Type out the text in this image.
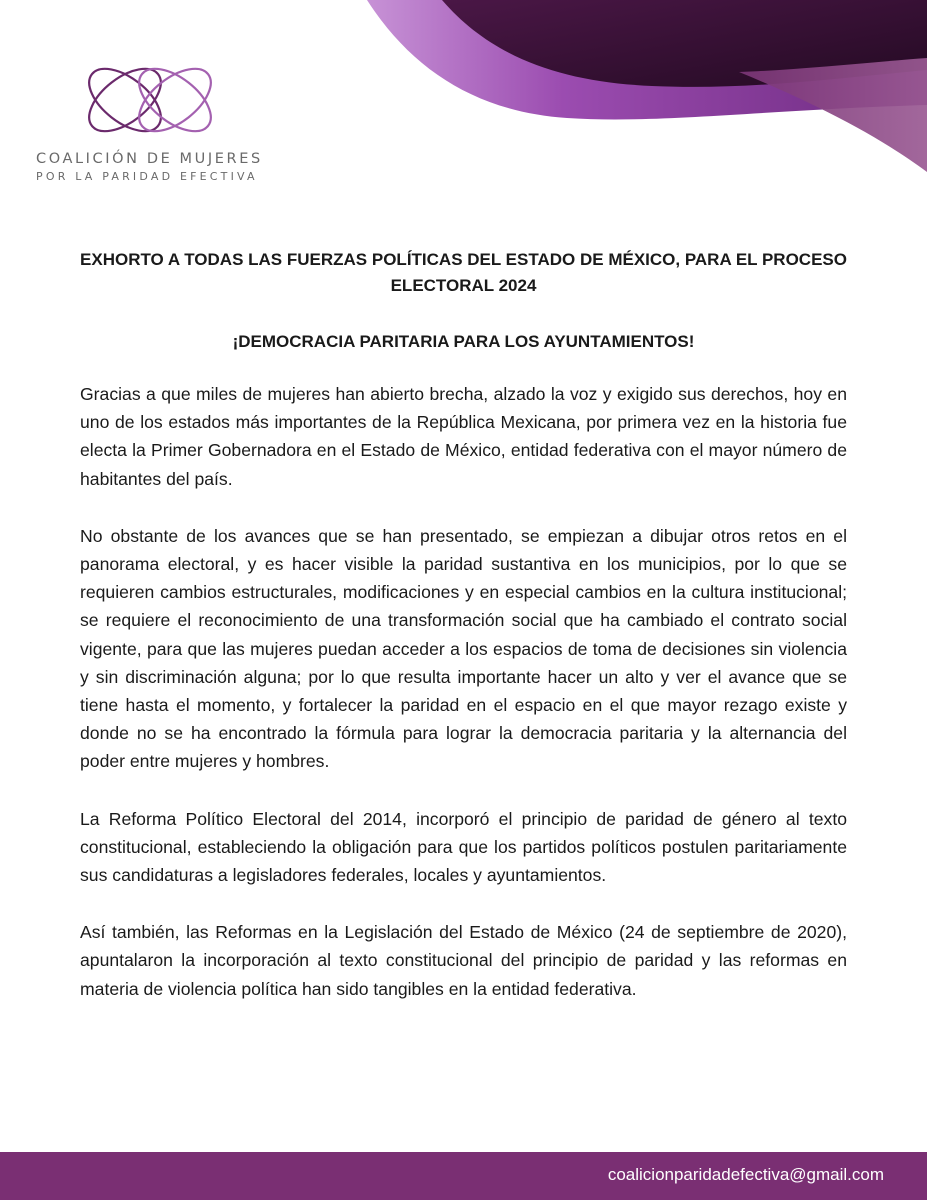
COALICIÓN DE MUJERES
POR LA PARIDAD EFECTIVA
EXHORTO A TODAS LAS FUERZAS POLÍTICAS DEL ESTADO DE MÉXICO, PARA EL PROCESO ELECTORAL 2024
¡DEMOCRACIA PARITARIA PARA LOS AYUNTAMIENTOS!

Gracias a que miles de mujeres han abierto brecha, alzado la voz y exigido sus derechos, hoy en uno de los estados más importantes de la República Mexicana, por primera vez en la historia fue electa la Primer Gobernadora en el Estado de México, entidad federativa con el mayor número de habitantes del país.

No obstante de los avances que se han presentado, se empiezan a dibujar otros retos en el panorama electoral, y es hacer visible la paridad sustantiva en los municipios, por lo que se requieren cambios estructurales, modificaciones y en especial cambios en la cultura institucional; se requiere el reconocimiento de una transformación social que ha cambiado el contrato social vigente, para que las mujeres puedan acceder a los espacios de toma de decisiones sin violencia y sin discriminación alguna; por lo que resulta importante hacer un alto y ver el avance que se tiene hasta el momento, y fortalecer la paridad en el espacio en el que mayor rezago existe y donde no se ha encontrado la fórmula para lograr la democracia paritaria y la alternancia del poder entre mujeres y hombres.

La Reforma Político Electoral del 2014, incorporó el principio de paridad de género al texto constitucional, estableciendo la obligación para que los partidos políticos postulen paritariamente sus candidaturas a legisladores federales, locales y ayuntamientos.

Así también, las Reformas en la Legislación del Estado de México (24 de septiembre de 2020), apuntalaron la incorporación al texto constitucional del principio de paridad y las reformas en materia de violencia política han sido tangibles en la entidad federativa.

coalicionparidadefectiva@gmail.com
